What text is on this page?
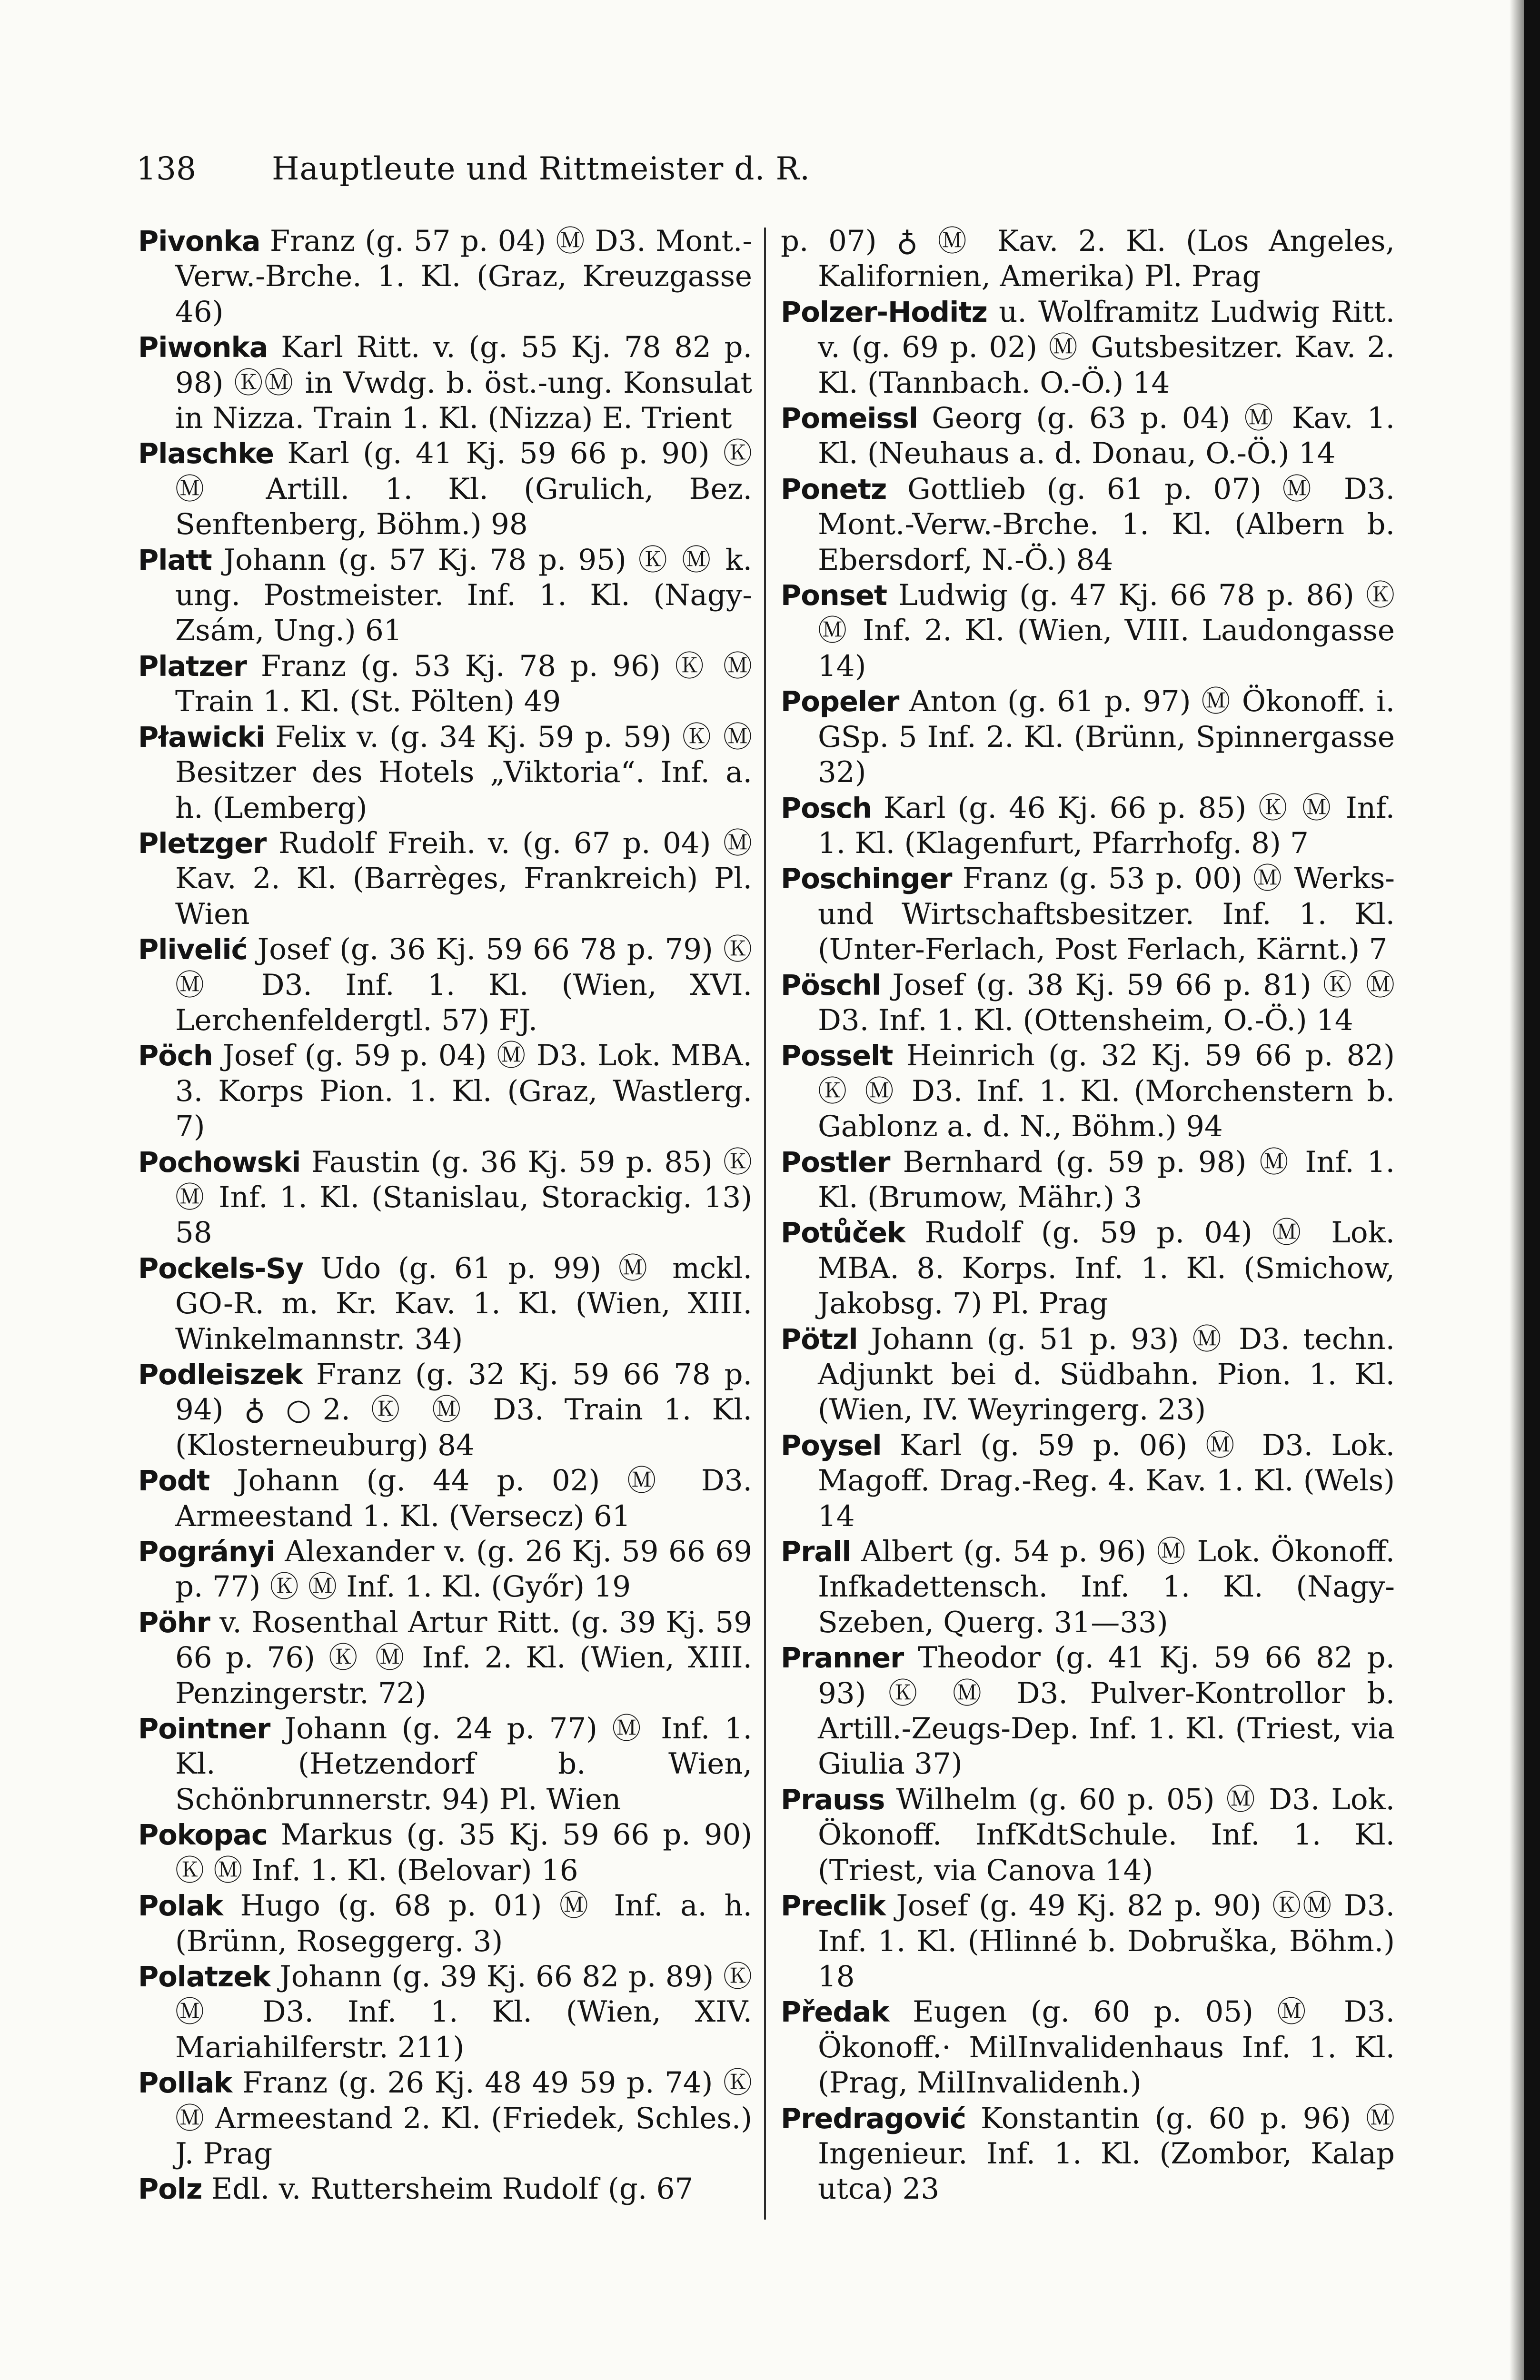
138 Hauptleute und Rittmeister d. R.

Pivonka Franz (g. 57 p. 04) Ⓜ D3. Mont.-Verw.-Brche. 1. Kl. (Graz, Kreuzgasse 46)

Piwonka Karl Ritt. v. (g. 55 Kj. 78 82 p. 98) ⓀⓂ in Vwdg. b. öst.-ung. Konsulat in Nizza. Train 1. Kl. (Nizza) E. Trient

Plaschke Karl (g. 41 Kj. 59 66 p. 90) Ⓚ Ⓜ Artill. 1. Kl. (Grulich, Bez. Senftenberg, Böhm.) 98

Platt Johann (g. 57 Kj. 78 p. 95) Ⓚ Ⓜ k. ung. Postmeister. Inf. 1. Kl. (Nagy-Zsám, Ung.) 61

Platzer Franz (g. 53 Kj. 78 p. 96) Ⓚ Ⓜ Train 1. Kl. (St. Pölten) 49

Pławicki Felix v. (g. 34 Kj. 59 p. 59) Ⓚ Ⓜ Besitzer des Hotels „Viktoria“. Inf. a. h. (Lemberg)

Pletzger Rudolf Freih. v. (g. 67 p. 04) Ⓜ Kav. 2. Kl. (Barrèges, Frankreich) Pl. Wien

Plivelić Josef (g. 36 Kj. 59 66 78 p. 79) Ⓚ Ⓜ D3. Inf. 1. Kl. (Wien, XVI. Lerchenfeldergtl. 57) FJ.

Pöch Josef (g. 59 p. 04) Ⓜ D3. Lok. MBA. 3. Korps Pion. 1. Kl. (Graz, Wastlerg. 7)

Pochowski Faustin (g. 36 Kj. 59 p. 85) Ⓚ Ⓜ Inf. 1. Kl. (Stanislau, Storackig. 13) 58

Pockels-Sy Udo (g. 61 p. 99) Ⓜ mckl. GO-R. m. Kr. Kav. 1. Kl. (Wien, XIII. Winkelmannstr. 34)

Podleiszek Franz (g. 32 Kj. 59 66 78 p. 94) ♁ ○2. Ⓚ Ⓜ D3. Train 1. Kl. (Klosterneuburg) 84

Podt Johann (g. 44 p. 02) Ⓜ D3. Armeestand 1. Kl. (Versecz) 61

Pogrányi Alexander v. (g. 26 Kj. 59 66 69 p. 77) Ⓚ Ⓜ Inf. 1. Kl. (Győr) 19

Pöhr v. Rosenthal Artur Ritt. (g. 39 Kj. 59 66 p. 76) Ⓚ Ⓜ Inf. 2. Kl. (Wien, XIII. Penzingerstr. 72)

Pointner Johann (g. 24 p. 77) Ⓜ Inf. 1. Kl. (Hetzendorf b. Wien, Schönbrunnerstr. 94) Pl. Wien

Pokopac Markus (g. 35 Kj. 59 66 p. 90) Ⓚ Ⓜ Inf. 1. Kl. (Belovar) 16

Polak Hugo (g. 68 p. 01) Ⓜ Inf. a. h. (Brünn, Roseggerg. 3)

Polatzek Johann (g. 39 Kj. 66 82 p. 89) Ⓚ Ⓜ D3. Inf. 1. Kl. (Wien, XIV. Mariahilferstr. 211)

Pollak Franz (g. 26 Kj. 48 49 59 p. 74) Ⓚ Ⓜ Armeestand 2. Kl. (Friedek, Schles.) J. Prag

Polz Edl. v. Ruttersheim Rudolf (g. 67

p. 07) ♁ Ⓜ Kav. 2. Kl. (Los Angeles, Kalifornien, Amerika) Pl. Prag

Polzer-Hoditz u. Wolframitz Ludwig Ritt. v. (g. 69 p. 02) Ⓜ Gutsbesitzer. Kav. 2. Kl. (Tannbach. O.-Ö.) 14

Pomeissl Georg (g. 63 p. 04) Ⓜ Kav. 1. Kl. (Neuhaus a. d. Donau, O.-Ö.) 14

Ponetz Gottlieb (g. 61 p. 07) Ⓜ D3. Mont.-Verw.-Brche. 1. Kl. (Albern b. Ebersdorf, N.-Ö.) 84

Ponset Ludwig (g. 47 Kj. 66 78 p. 86) Ⓚ Ⓜ Inf. 2. Kl. (Wien, VIII. Laudongasse 14)

Popeler Anton (g. 61 p. 97) Ⓜ Ökonoff. i. GSp. 5 Inf. 2. Kl. (Brünn, Spinnergasse 32)

Posch Karl (g. 46 Kj. 66 p. 85) Ⓚ Ⓜ Inf. 1. Kl. (Klagenfurt, Pfarrhofg. 8) 7

Poschinger Franz (g. 53 p. 00) Ⓜ Werks- und Wirtschaftsbesitzer. Inf. 1. Kl. (Unter-Ferlach, Post Ferlach, Kärnt.) 7

Pöschl Josef (g. 38 Kj. 59 66 p. 81) Ⓚ Ⓜ D3. Inf. 1. Kl. (Ottensheim, O.-Ö.) 14

Posselt Heinrich (g. 32 Kj. 59 66 p. 82) Ⓚ Ⓜ D3. Inf. 1. Kl. (Morchenstern b. Gablonz a. d. N., Böhm.) 94

Postler Bernhard (g. 59 p. 98) Ⓜ Inf. 1. Kl. (Brumow, Mähr.) 3

Potůček Rudolf (g. 59 p. 04) Ⓜ Lok. MBA. 8. Korps. Inf. 1. Kl. (Smichow, Jakobsg. 7) Pl. Prag

Pötzl Johann (g. 51 p. 93) Ⓜ D3. techn. Adjunkt bei d. Südbahn. Pion. 1. Kl. (Wien, IV. Weyringerg. 23)

Poysel Karl (g. 59 p. 06) Ⓜ D3. Lok. Magoff. Drag.-Reg. 4. Kav. 1. Kl. (Wels) 14

Prall Albert (g. 54 p. 96) Ⓜ Lok. Ökonoff. Infkadettensch. Inf. 1. Kl. (Nagy-Szeben, Querg. 31—33)

Pranner Theodor (g. 41 Kj. 59 66 82 p. 93) Ⓚ Ⓜ D3. Pulver-Kontrollor b. Artill.-Zeugs-Dep. Inf. 1. Kl. (Triest, via Giulia 37)

Prauss Wilhelm (g. 60 p. 05) Ⓜ D3. Lok. Ökonoff. InfKdtSchule. Inf. 1. Kl. (Triest, via Canova 14)

Preclik Josef (g. 49 Kj. 82 p. 90) ⓀⓂ D3. Inf. 1. Kl. (Hlinné b. Dobruška, Böhm.) 18

Předak Eugen (g. 60 p. 05) Ⓜ D3. Ökonoff.· MilInvalidenhaus Inf. 1. Kl. (Prag, MilInvalidenh.)

Predragović Konstantin (g. 60 p. 96) Ⓜ Ingenieur. Inf. 1. Kl. (Zombor, Kalap utca) 23
